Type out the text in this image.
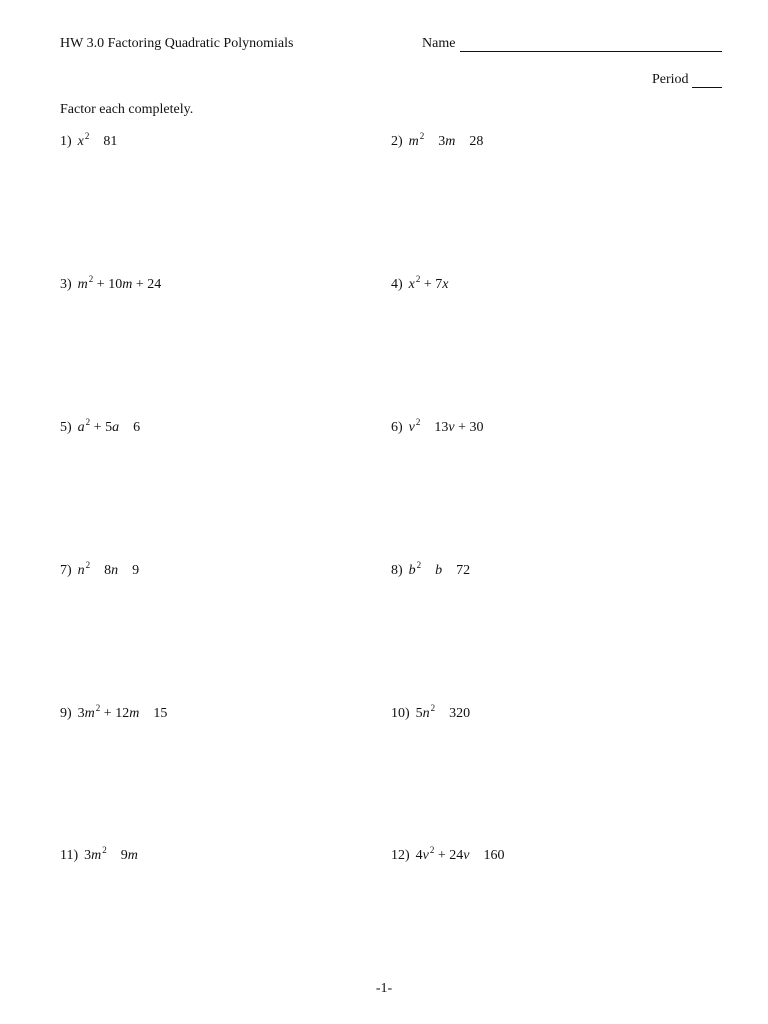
HW 3.0 Factoring Quadratic Polynomials	Name
Period
Factor each completely.
1) $x^2$ 81	2) $m^2$ 3m 28
3) $m^2 + 10m + 24$	4) $x^2 + 7x$
5) $a^2 + 5a$ 6	6) $v^2$ 13v + 30
7) $n^2$ 8n 9	8) $b^2$ b 72
9) $3m^2 + 12m$ 15	10) $5n^2$ 320
11) $3m^2$ 9m	12) $4v^2 + 24v$ 160
-1-
